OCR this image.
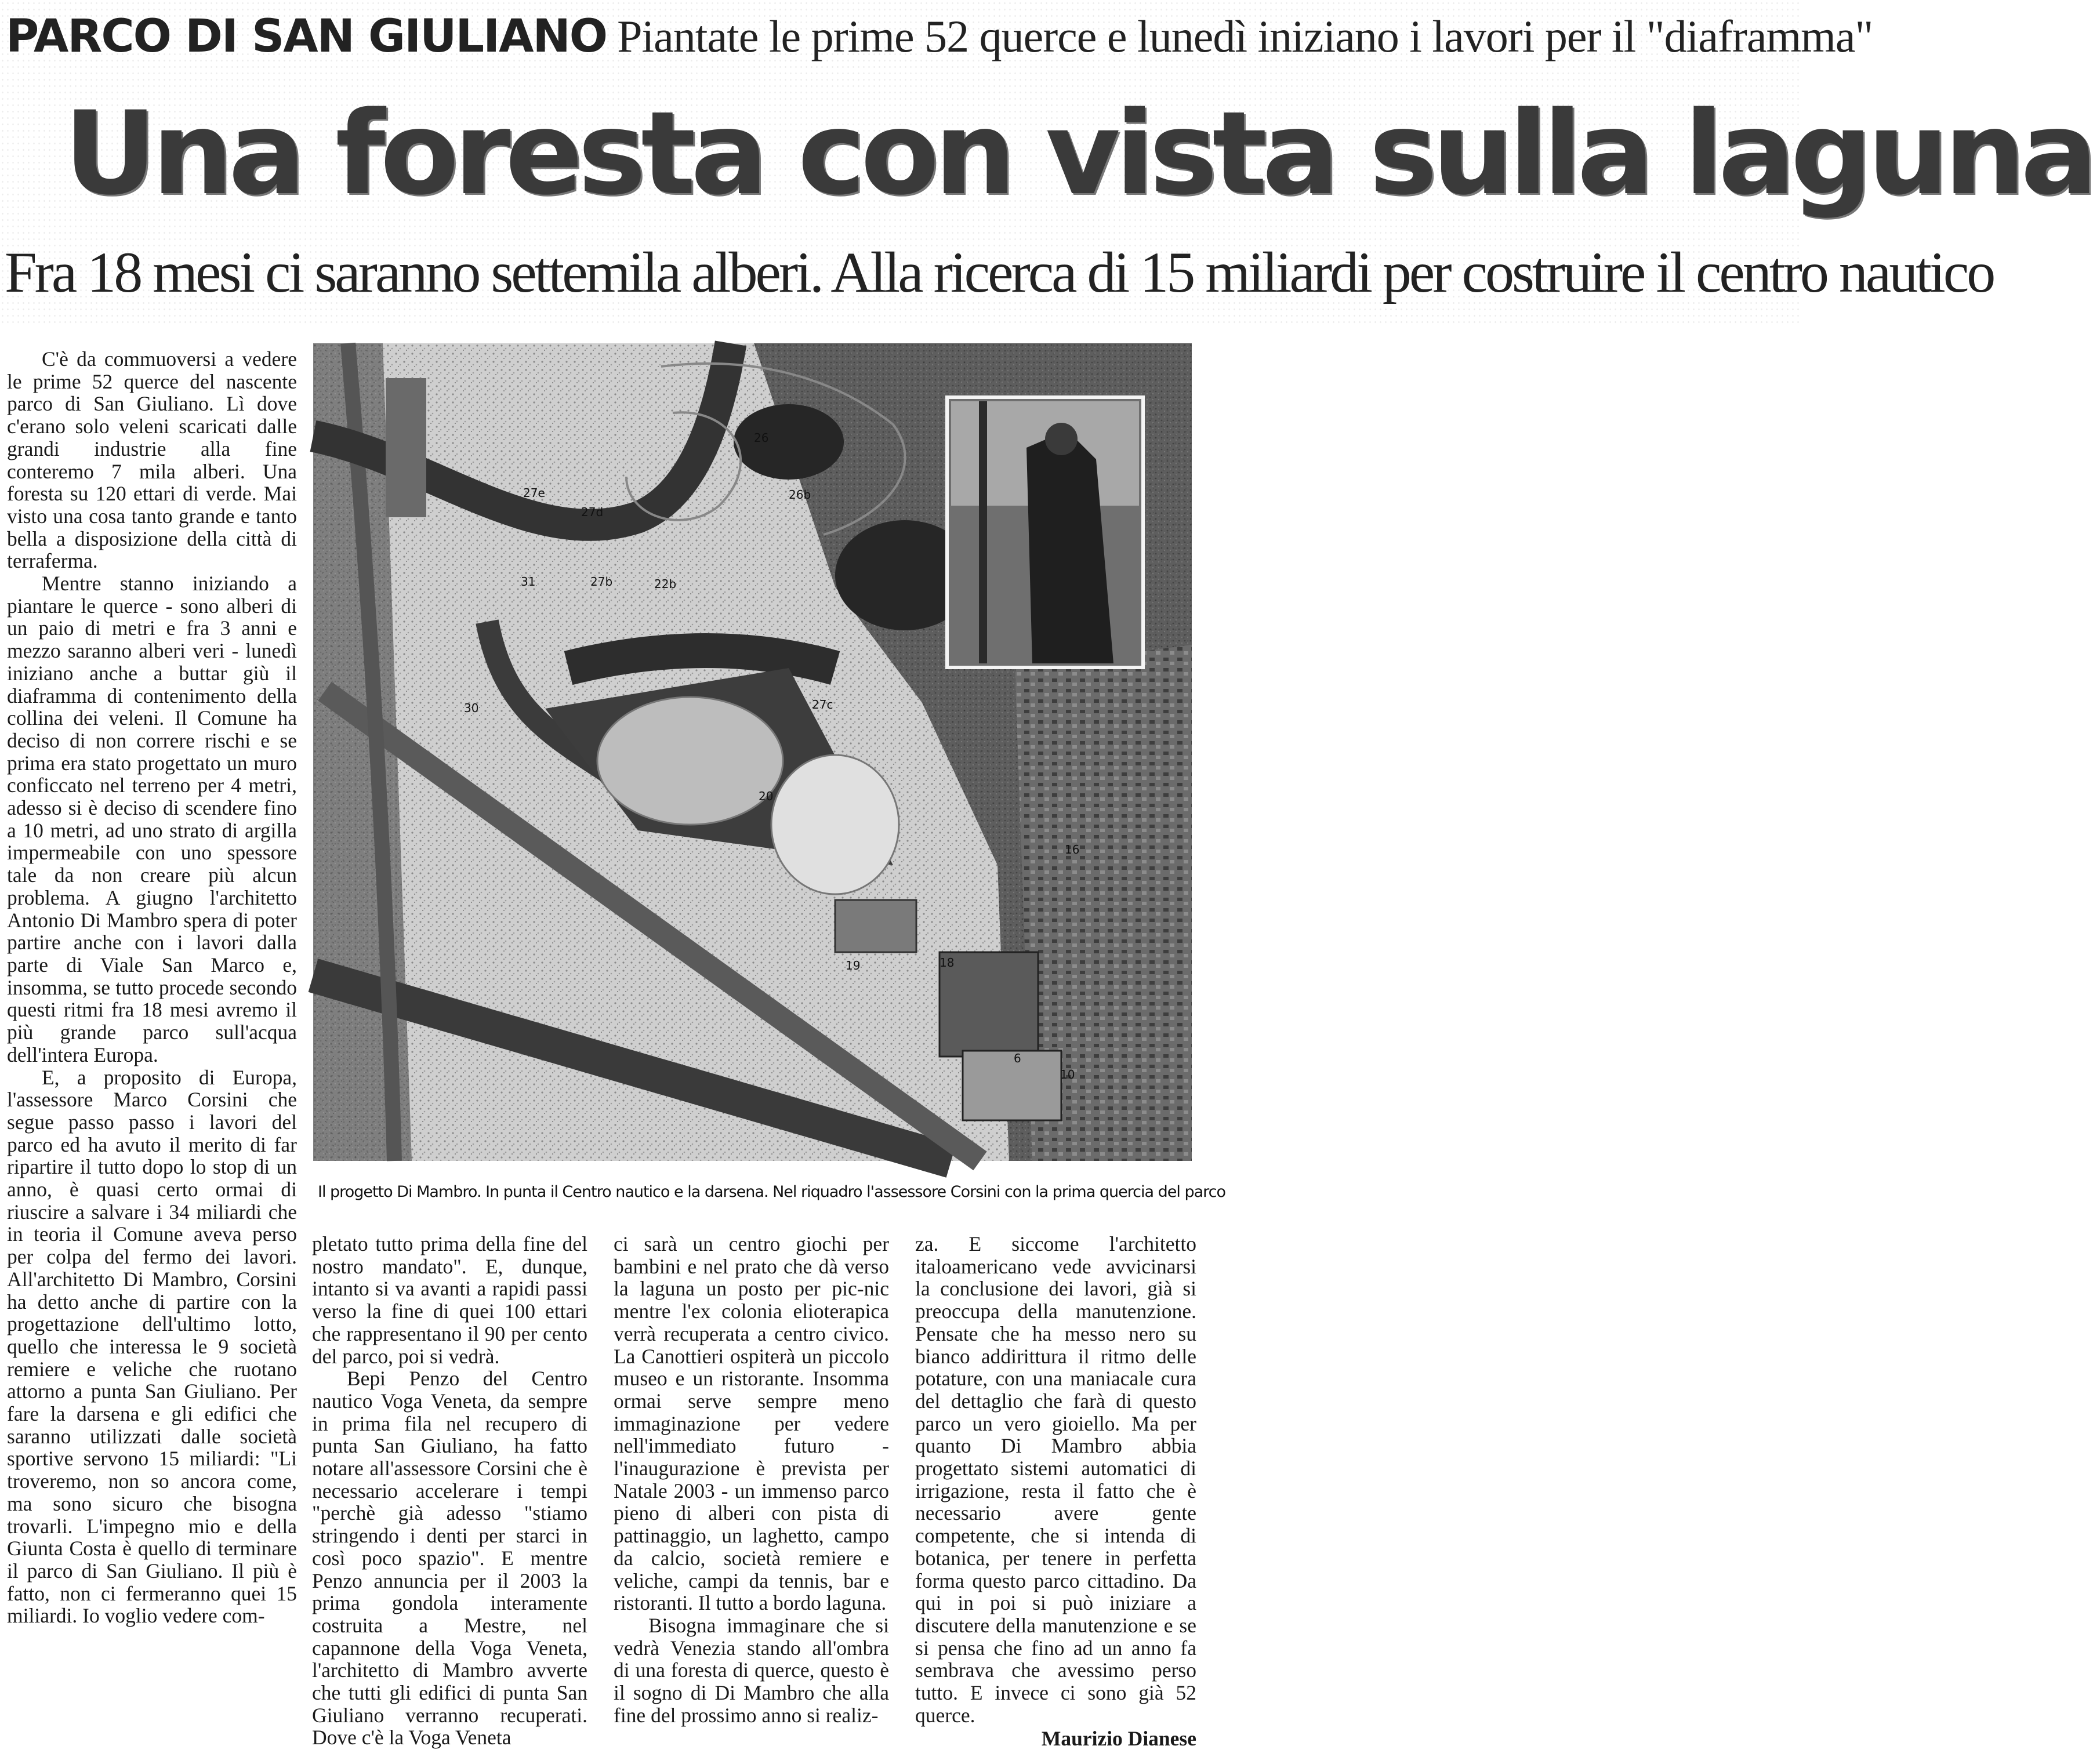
PARCO DI SAN GIULIANO Piantate le prime 52 querce e lunedì iniziano i lavori per il "diaframma"
Una foresta con vista sulla laguna
Fra 18 mesi ci saranno settemila alberi. Alla ricerca di 15 miliardi per costruire il centro nautico

C'è da commuoversi a vedere le prime 52 querce del nascente parco di San Giuliano. Lì dove c'erano solo veleni scaricati dalle grandi industrie alla fine conteremo 7 mila alberi. Una foresta su 120 ettari di verde. Mai visto una cosa tanto grande e tanto bella a disposizione della città di terraferma.

Mentre stanno iniziando a piantare le querce - sono alberi di un paio di metri e fra 3 anni e mezzo saranno alberi veri - lunedì iniziano anche a buttar giù il diaframma di contenimento della collina dei veleni. Il Comune ha deciso di non correre rischi e se prima era stato progettato un muro conficcato nel terreno per 4 metri, adesso si è deciso di scendere fino a 10 metri, ad uno strato di argilla impermeabile con uno spessore tale da non creare più alcun problema. A giugno l'architetto Antonio Di Mambro spera di poter partire anche con i lavori dalla parte di Viale San Marco e, insomma, se tutto procede secondo questi ritmi fra 18 mesi avremo il più grande parco sull'acqua dell'intera Europa.

E, a proposito di Europa, l'assessore Marco Corsini che segue passo passo i lavori del parco ed ha avuto il merito di far ripartire il tutto dopo lo stop di un anno, è quasi certo ormai di riuscire a salvare i 34 miliardi che in teoria il Comune aveva perso per colpa del fermo dei lavori. All'architetto Di Mambro, Corsini ha detto anche di partire con la progettazione dell'ultimo lotto, quello che interessa le 9 società remiere e veliche che ruotano attorno a punta San Giuliano. Per fare la darsena e gli edifici che saranno utilizzati dalle società sportive servono 15 miliardi: "Li troveremo, non so ancora come, ma sono sicuro che bisogna trovarli. L'impegno mio e della Giunta Costa è quello di terminare il parco di San Giuliano. Il più è fatto, non ci fermeranno quei 15 miliardi. Io voglio vedere com-

26b
26
27d
27e
27b	22b
31
30	27c
20
19	18
16
6
10
Il progetto Di Mambro. In punta il Centro nautico e la darsena. Nel riquadro l'assessore Corsini con la prima quercia del parco

pletato tutto prima della fine del nostro mandato". E, dunque, intanto si va avanti a rapidi passi verso la fine di quei 100 ettari che rappresentano il 90 per cento del parco, poi si vedrà.

Bepi Penzo del Centro nautico Voga Veneta, da sempre in prima fila nel recupero di punta San Giuliano, ha fatto notare all'assessore Corsini che è necessario accelerare i tempi "perchè già adesso "stiamo stringendo i denti per starci in così poco spazio". E mentre Penzo annuncia per il 2003 la prima gondola interamente costruita a Mestre, nel capannone della Voga Veneta, l'architetto di Mambro avverte che tutti gli edifici di punta San Giuliano verranno recuperati. Dove c'è la Voga Veneta

ci sarà un centro giochi per bambini e nel prato che dà verso la laguna un posto per pic-nic mentre l'ex colonia elioterapica verrà recuperata a centro civico. La Canottieri ospiterà un piccolo museo e un ristorante. Insomma ormai serve sempre meno immaginazione per vedere nell'immediato futuro - l'inaugurazione è prevista per Natale 2003 - un immenso parco pieno di alberi con pista di pattinaggio, un laghetto, campo da calcio, società remiere e veliche, campi da tennis, bar e ristoranti. Il tutto a bordo laguna.

Bisogna immaginare che si vedrà Venezia stando all'ombra di una foresta di querce, questo è il sogno di Di Mambro che alla fine del prossimo anno si realiz-

za. E siccome l'architetto italoamericano vede avvicinarsi la conclusione dei lavori, già si preoccupa della manutenzione. Pensate che ha messo nero su bianco addirittura il ritmo delle potature, con una maniacale cura del dettaglio che farà di questo parco un vero gioiello. Ma per quanto Di Mambro abbia progettato sistemi automatici di irrigazione, resta il fatto che è necessario avere gente competente, che si intenda di botanica, per tenere in perfetta forma questo parco cittadino. Da qui in poi si può iniziare a discutere della manutenzione e se si pensa che fino ad un anno fa sembrava che avessimo perso tutto. E invece ci sono già 52 querce.

Maurizio Dianese
